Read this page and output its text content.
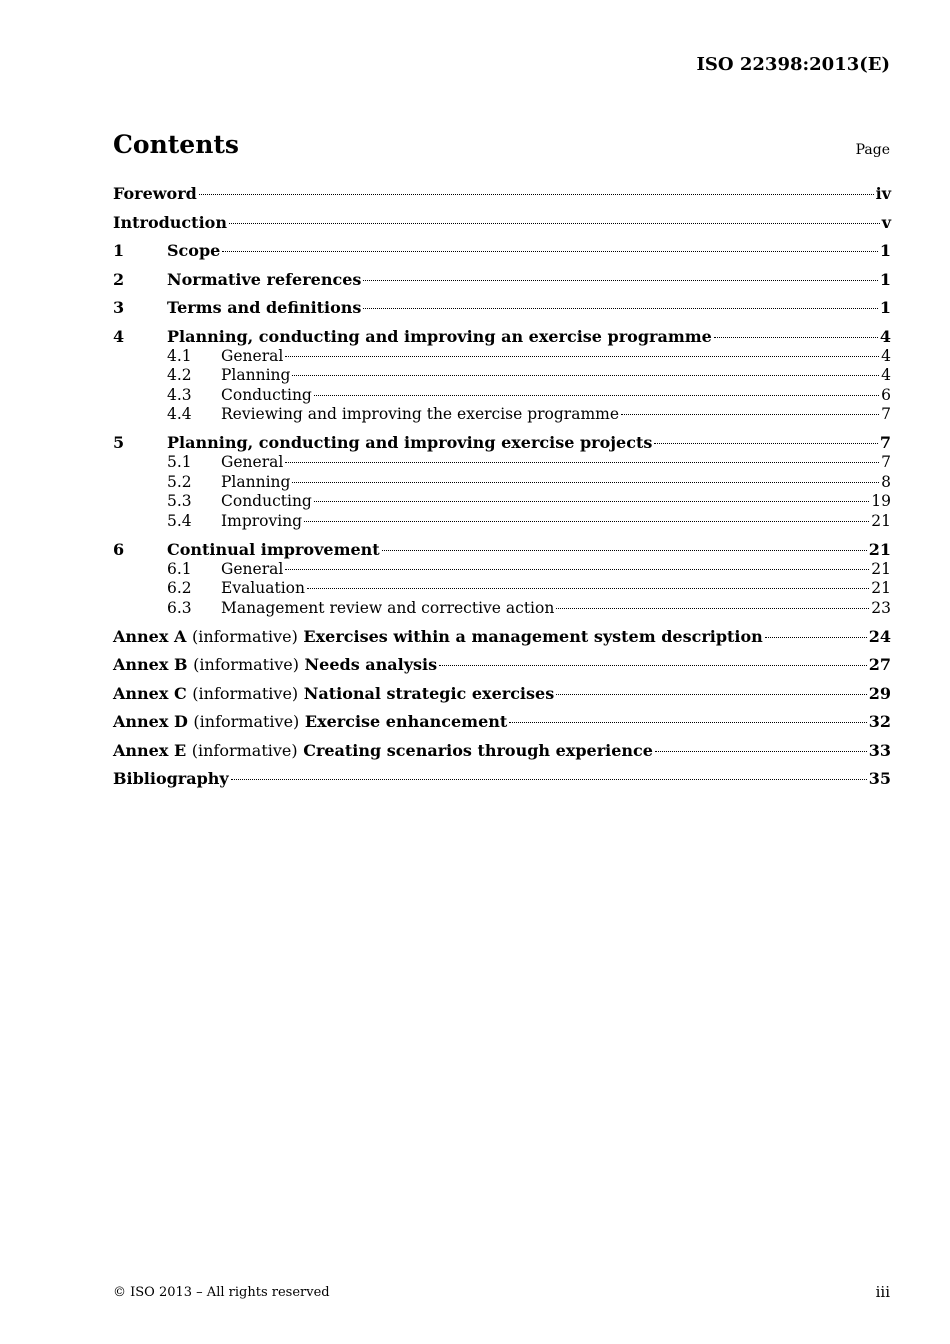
ISO 22398:2013(E)
Contents	Page
Foreword	iv
Introduction	v
1	Scope	1
2	Normative references	1
3	Terms and definitions	1
4	Planning, conducting and improving an exercise programme	4
4.1	General	4
4.2	Planning	4
4.3	Conducting	6
4.4	Reviewing and improving the exercise programme	7
5	Planning, conducting and improving exercise projects	7
5.1	General	7
5.2	Planning	8
5.3	Conducting	19
5.4	Improving	21
6	Continual improvement	21
6.1	General	21
6.2	Evaluation	21
6.3	Management review and corrective action	23
Annex A (informative) Exercises within a management system description	24
Annex B (informative) Needs analysis	27
Annex C (informative) National strategic exercises	29
Annex D (informative) Exercise enhancement	32
Annex E (informative) Creating scenarios through experience	33
Bibliography	35
© ISO 2013 – All rights reserved	iii
